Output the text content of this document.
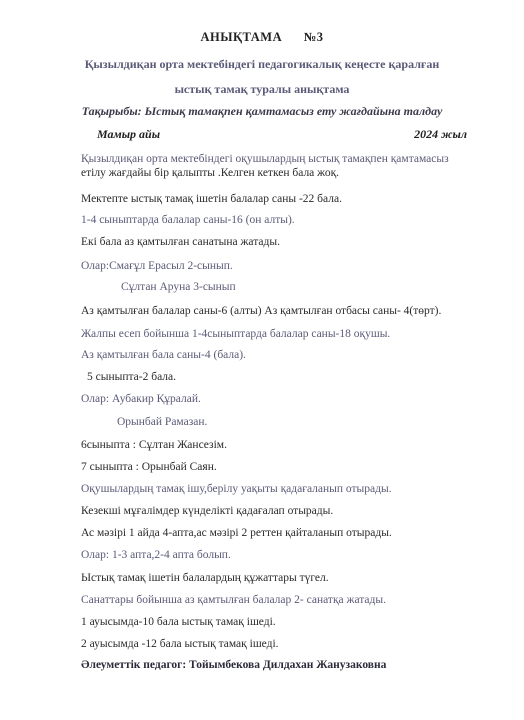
АНЫҚТАМА №3
Қызылдиқан орта мектебіндегі педагогикалық кеңесте қаралған
ыстық тамақ туралы анықтама
Тақырыбы: Ыстық тамақпен қамтамасыз ету жағдайына талдау
Мамыр айы	2024 жыл
Қызылдиқан орта мектебіндегі оқушылардың ыстық тамақпен қамтамасыз
етілу жағдайы бір қалыпты .Келген кеткен бала жоқ.
Мектепте ыстық тамақ ішетін балалар саны -22 бала.
1-4 сыныптарда балалар саны-16 (он алты).
Екі бала аз қамтылған санатына жатады.
Олар:Смағұл Ерасыл 2-сынып.
Сұлтан Аруна 3-сынып
Аз қамтылған балалар саны-6 (алты) Аз қамтылған отбасы саны- 4(төрт).
Жалпы есеп бойынша 1-4сыныптарда балалар саны-18 оқушы.
Аз қамтылған бала саны-4 (бала).
5 сыныпта-2 бала.
Олар: Аубакир Құралай.
Орынбай Рамазан.
6сыныпта : Сұлтан Жансезім.
7 сыныпта : Орынбай Саян.
Оқушылардың тамақ ішу,берілу уақыты қадағаланып отырады.
Кезекші мұғалімдер күнделікті қадағалап отырады.
Ас мәзірі 1 айда 4-апта,ас мәзірі 2 реттен қайталанып отырады.
Олар: 1-3 апта,2-4 апта болып.
Ыстық тамақ ішетін балалардың құжаттары түгел.
Санаттары бойынша аз қамтылған балалар 2- санатқа жатады.
1 ауысымда-10 бала ыстық тамақ ішеді.
2 ауысымда -12 бала ыстық тамақ ішеді.
Әлеуметтік педагог: Тойымбекова Дилдахан Жанузаковна
